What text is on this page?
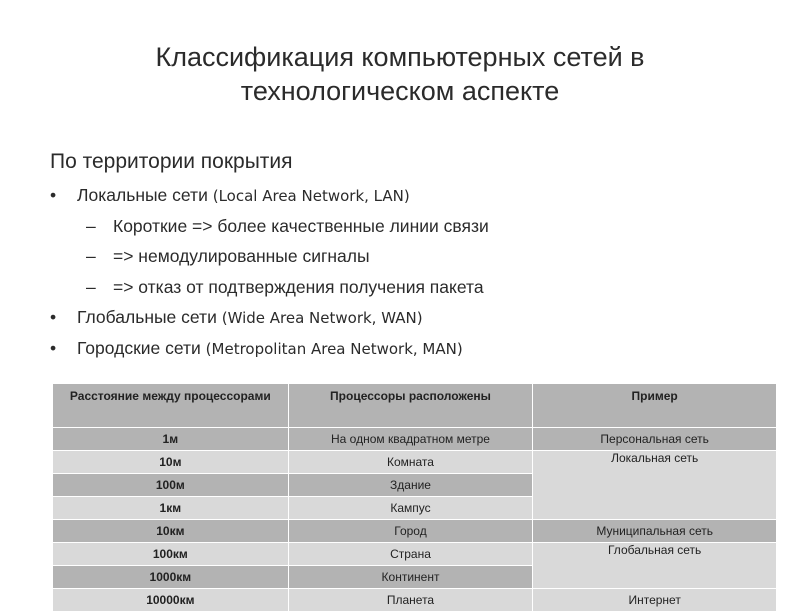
Классификация компьютерных сетей в
технологическом аспекте
По территории покрытия
• Локальные сети (Local Area Network, LAN)
– Короткие => более качественные линии связи
– => немодулированные сигналы
– => отказ от подтверждения получения пакета
• Глобальные сети (Wide Area Network, WAN)
• Городские сети (Metropolitan Area Network, MAN)
Расстояние между процессорами	Процессоры расположены	Пример
1м	На одном квадратном метре	Персональная сеть
10м	Комната	Локальная сеть
100м	Здание	
1км	Кампус	
10км	Город	Муниципальная сеть
100км	Страна	Глобальная сеть
1000км	Континент	
10000км	Планета	Интернет
